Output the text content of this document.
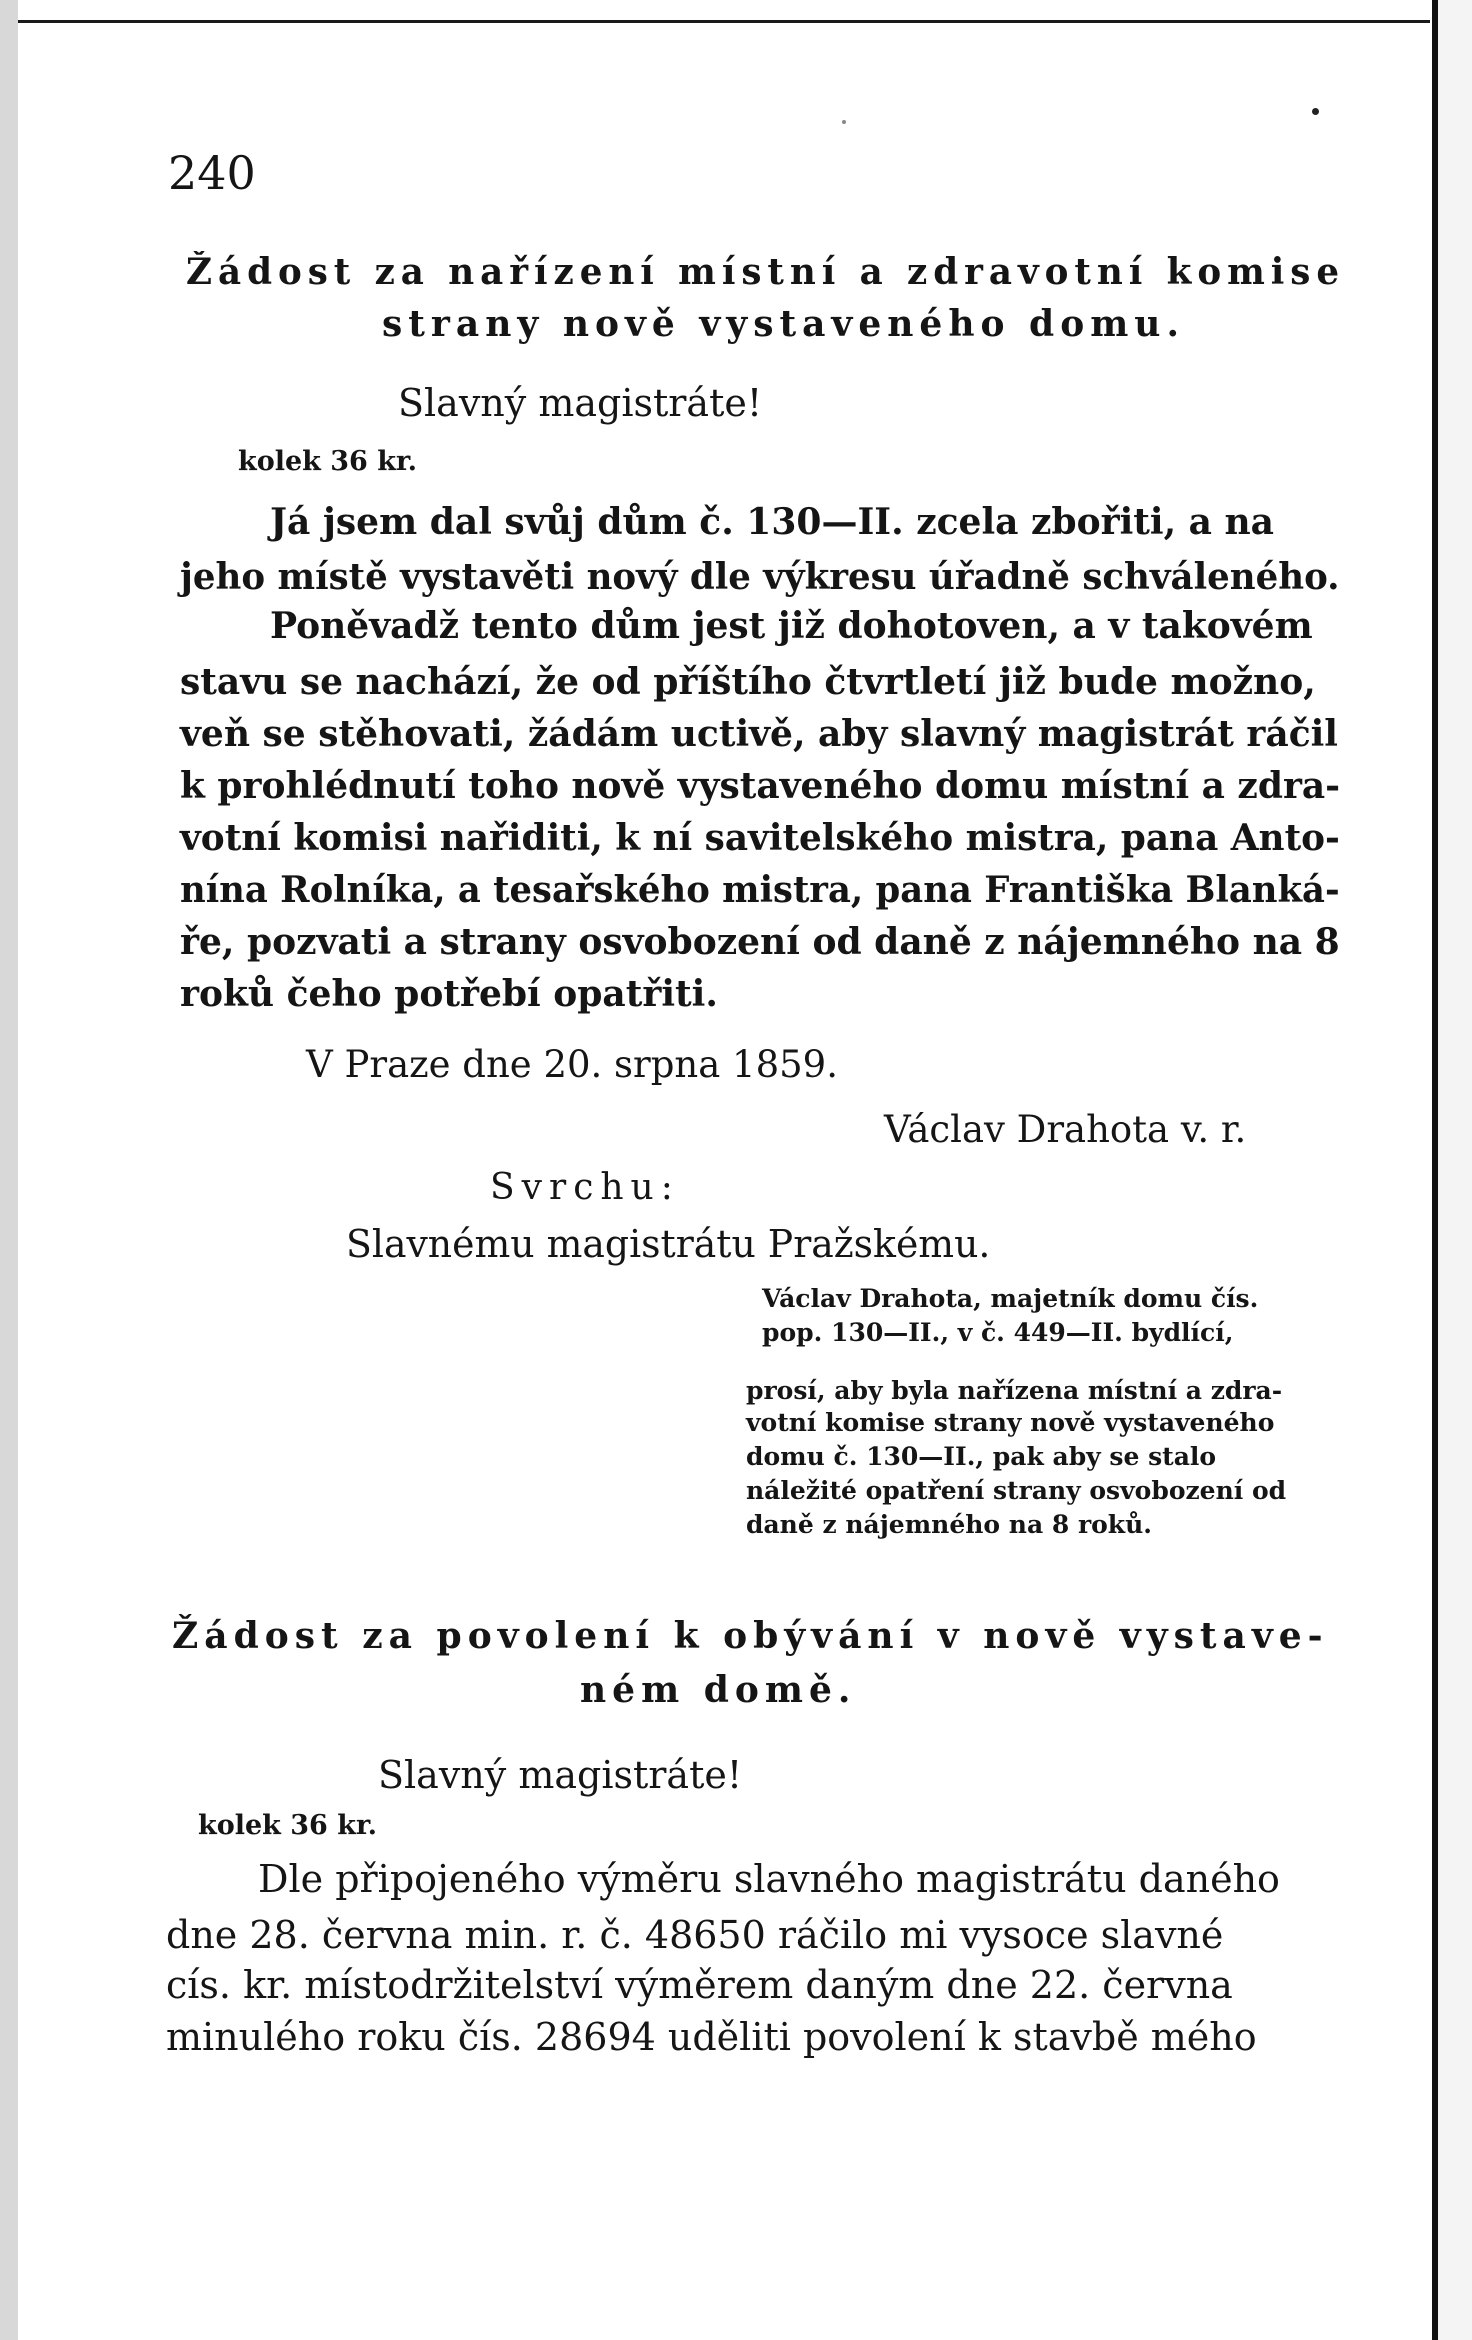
240

Žádost za nařízení místní a zdravotní komise

strany nově vystaveného domu.

Slavný magistráte!

kolek 36 kr.

Já jsem dal svůj dům č. 130—II. zcela zbořiti, a na

jeho místě vystavěti nový dle výkresu úřadně schváleného.

Poněvadž tento dům jest již dohotoven, a v takovém

stavu se nachází, že od příštího čtvrtletí již bude možno,

veň se stěhovati, žádám uctivě, aby slavný magistrát ráčil

k prohlédnutí toho nově vystaveného domu místní a zdra-

votní komisi nařiditi, k ní savitelského mistra, pana Anto-

nína Rolníka, a tesařského mistra, pana Františka Blanká-

ře, pozvati a strany osvobození od daně z nájemného na 8

roků čeho potřebí opatřiti.

V Praze dne 20. srpna 1859.

Václav Drahota v. r.

Svrchu:

Slavnému magistrátu Pražskému.

Václav Drahota, majetník domu čís.

pop. 130—II., v č. 449—II. bydlící,

prosí, aby byla nařízena místní a zdra-

votní komise strany nově vystaveného

domu č. 130—II., pak aby se stalo

náležité opatření strany osvobození od

daně z nájemného na 8 roků.

Žádost za povolení k obývání v nově vystave-

ném domě.

Slavný magistráte!

kolek 36 kr.

Dle připojeného výměru slavného magistrátu daného

dne 28. června min. r. č. 48650 ráčilo mi vysoce slavné

cís. kr. místodržitelství výměrem daným dne 22. června

minulého roku čís. 28694 uděliti povolení k stavbě mého
